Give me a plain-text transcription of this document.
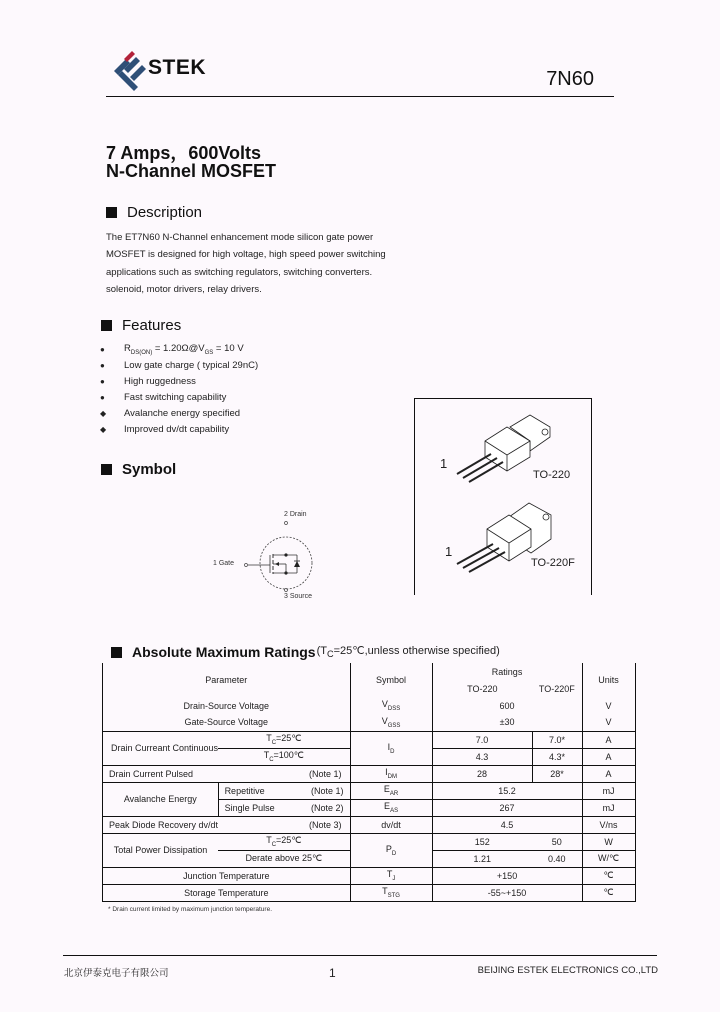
STEK	7N60
7 Amps，600Volts
N-Channel MOSFET
Description
The ET7N60 N-Channel enhancement mode silicon gate power
MOSFET is designed for high voltage, high speed power switching
applications such as switching regulators, switching converters.
solenoid, motor drivers, relay drivers.
Features
●	$R_{DS(ON)}$ = $1.20\Omega@V_{GS} = 10$ V
●	Low gate charge ( typical 29nC)
●	High ruggedness
●	Fast switching capability
◆	Avalanche energy specified
◆	Improved dv/dt capability
Symbol
2 Drain
1 Gate
3 Source
1
TO-220
1
TO-220F
Absolute Maximum Ratings ($T_C=25℃,unless$ otherwise specified)
Parameter		Symbol	Ratings		Units
			TO-220	TO-220F	
Drain-Source Voltage		$V_{DSS}$	600		V
Gate-Source Voltage		$V_{GSS}$	±30		V
Drain Curreant Continuous	$T_C=25℃$	$I_D$	7.0	7.0*	A
	$T_C=100℃$		4.3	4.3*	A
Drain Current Pulsed	(Note 1)	$I_{DM}$	28	28*	A
Avalanche Energy	Repetitive (Note 1)	$E_{AR}$	15.2		mJ

	Single Pulse (Note 2)	$E_{AS}$	267		mJ
Peak Diode Recovery dv/dt	(Note 3)	dv/dt	4.5		V/ns
Total Power Dissipation	$T_C=25℃$	$P_D$	152	50	W
	Derate above 25℃		1.21	0.40	W/℃
Junction Temperature		$T_J$	+150		℃
Storage Temperature		$T_{STG}$	-55~+150		℃
* Drain current limited by maximum junction temperature.
北京伊泰克电子有限公司	1	BEIJING ESTEK ELECTRONICS CO.,LTD
